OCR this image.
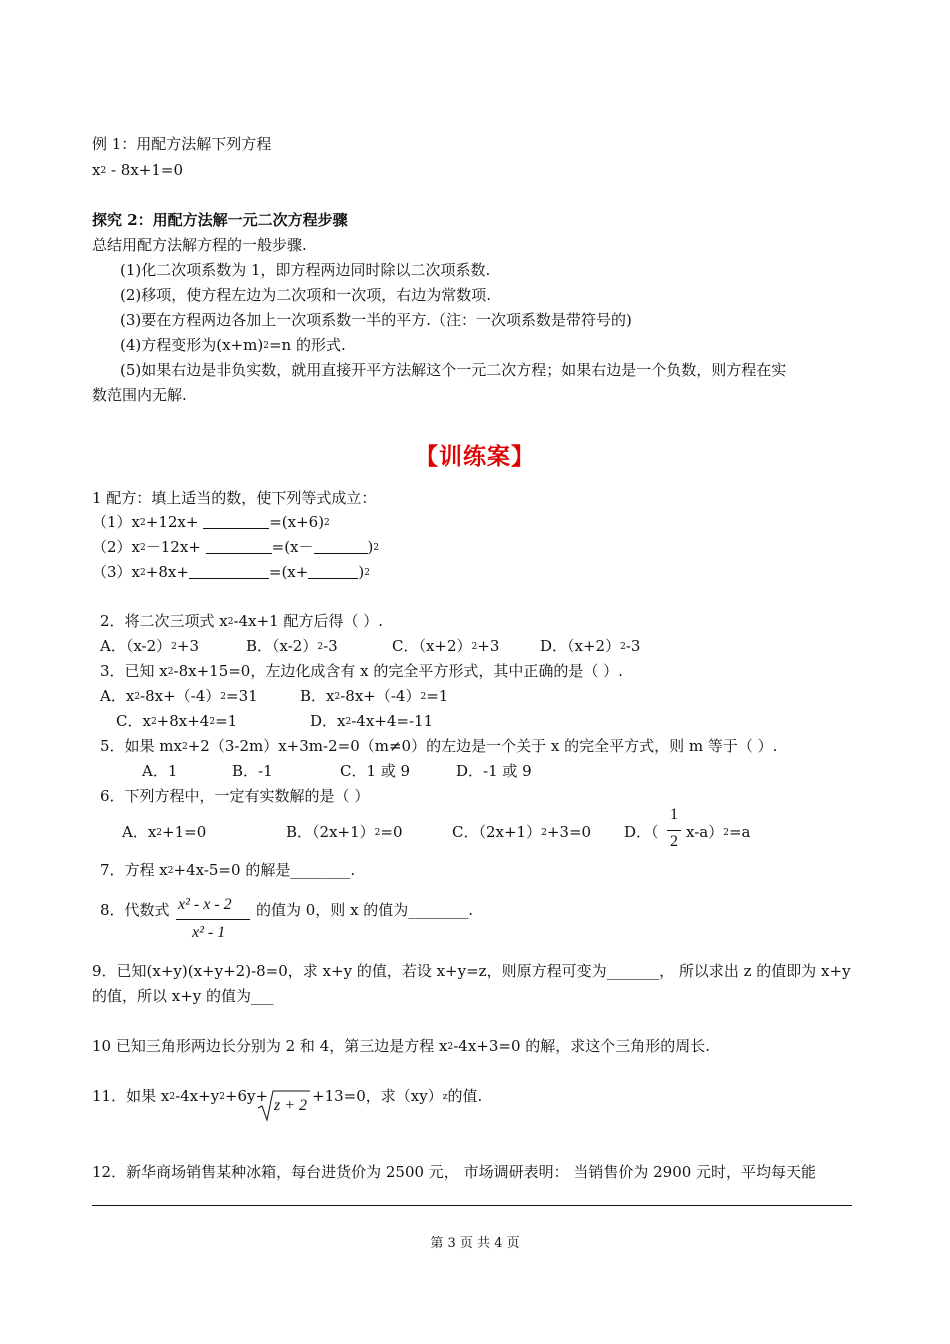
例 1：用配方法解下列方程
$x^2 - 8x+1=0$
探究 2：用配方法解一元二次方程步骤
总结用配方法解方程的一般步骤.
(1)化二次项系数为 1，即方程两边同时除以二次项系数.
(2)移项，使方程左边为二次项和一次项，右边为常数项.
(3)要在方程两边各加上一次项系数一半的平方.（注：一次项系数是带符号的)
(4)方程变形为$(x+m)^2=n$ 的形式.
(5)如果右边是非负实数，就用直接开平方法解这个一元二次方程；如果右边是一个负数，则方程在实
数范围内无解.
【训练案】
1 配方：填上适当的数，使下列等式成立：
$(1)x^2+12x+$	$=(x+6)^2$
$(2)x^2-12x+$	=(x－	)$^2$
$(3)x^2+8x+$	=(x+	)$^2$
2．将二次三项式 $x^2-4x+1$ 配方后得（ ）.
A．$(x-2)^2+3$	B．$(x-2)^2-3$	C．$(x+2)^2+3$	D．$(x+2)^2-3$
3．已知 $x^2-8x+15=0$，左边化成含有 x 的完全平方形式，其中正确的是（ ）.
A．$x^2-8x+(-4)^2=31$	B．$x^2-8x+(-4)^2=1$
C．$x^2+8x+4^2=1$	D．$x^2-4x+4=-11$
5．如果 $mx^2+2(3-2m)x+3m-2=0(m\ne 0)$的左边是一个关于 x 的完全平方式，则 m 等于（ ）.
A．1	B．-1	C．1 或 9	D．-1 或 9
6．下列方程中，一定有实数解的是（ ）
A．$x^2+1=0$	B．$(2x+1)^2=0$	C．$(2x+1)^2+3=0$ D．（
1
2
x-a）$^2$=a
7．方程 $x^2+4x-5=0$ 的解是________.
8．代数式 x² - x - 2
x² - 1
的值为 0，则 x 的值为________.
9．已知(x+y)(x+y+2)-8=0，求 x+y 的值，若设 x+y=z，则原方程可变为_______， 所以求出 z 的值即为 x+y
的值，所以 x+y 的值为___
10 已知三角形两边长分别为 2 和 4，第三边是方程 $x^2-4x+3=0$ 的解，求这个三角形的周长.
11．如果 $x^2-4x+y^2+6y+$
z + 2
+13=0，求（xy）$^z$的值.
12．新华商场销售某种冰箱，每台进货价为 2500 元， 市场调研表明： 当销售价为 2900 元时，平均每天能
第 3 页 共 4 页
